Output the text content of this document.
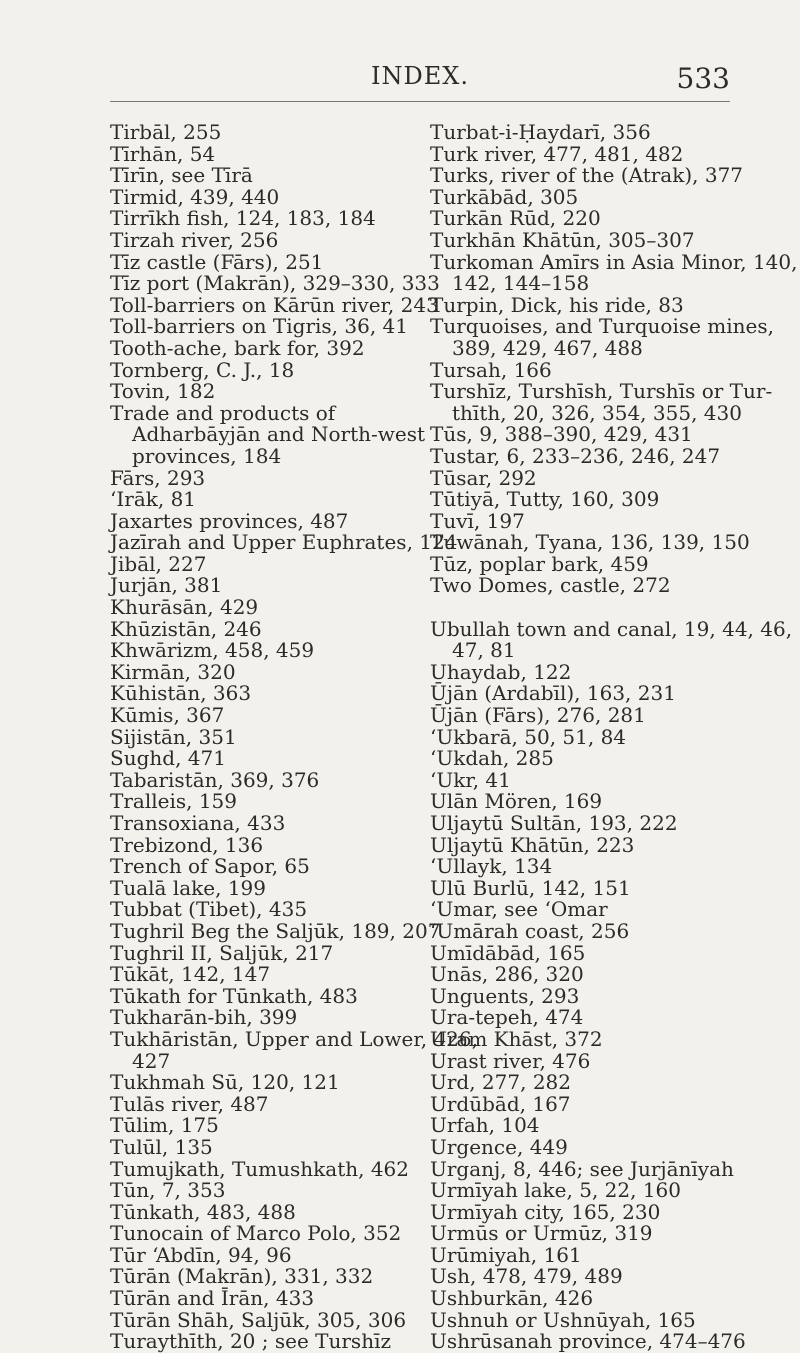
INDEX.	533
Tirbāl, 255
Tīrhān, 54
Tīrīn, see Tīrā
Tirmid, 439, 440
Tirrīkh fish, 124, 183, 184
Tirzah river, 256
Tīz castle (Fārs), 251
Tīz port (Makrān), 329–330, 333
Toll-barriers on Kārūn river, 243
Toll-barriers on Tigris, 36, 41
Tooth-ache, bark for, 392
Tornberg, C. J., 18
Tovin, 182
Trade and products of
Adharbāyjān and North-west
provinces, 184
Fārs, 293
‘Irāk, 81
Jaxartes provinces, 487
Jazīrah and Upper Euphrates, 124
Jibāl, 227
Jurjān, 381
Khurāsān, 429
Khūzistān, 246
Khwārizm, 458, 459
Kirmān, 320
Kūhistān, 363
Kūmis, 367
Sijistān, 351
Sughd, 471
Tabaristān, 369, 376
Tralleis, 159
Transoxiana, 433
Trebizond, 136
Trench of Sapor, 65
Tualā lake, 199
Tubbat (Tibet), 435
Tughril Beg the Saljūk, 189, 207
Tughril II, Saljūk, 217
Tūkāt, 142, 147
Tūkath for Tūnkath, 483
Tukharān-bih, 399
Tukhāristān, Upper and Lower, 426,
427
Tukhmah Sū, 120, 121
Tulās river, 487
Tūlim, 175
Tulūl, 135
Tumujkath, Tumushkath, 462
Tūn, 7, 353
Tūnkath, 483, 488
Tunocain of Marco Polo, 352
Tūr ‘Abdīn, 94, 96
Tūrān (Makrān), 331, 332
Tūrān and Īrān, 433
Tūrān Shāh, Saljūk, 305, 306
Turaythīth, 20 ; see Turshīz
Turbat-i-Ḥaydarī, 356
Turk river, 477, 481, 482
Turks, river of the (Atrak), 377
Turkābād, 305
Turkān Rūd, 220
Turkhān Khātūn, 305–307
Turkoman Amīrs in Asia Minor, 140,
142, 144–158
Turpin, Dick, his ride, 83
Turquoises, and Turquoise mines,
389, 429, 467, 488
Tursah, 166
Turshīz, Turshīsh, Turshīs or Tur-
thīth, 20, 326, 354, 355, 430
Tūs, 9, 388–390, 429, 431
Tustar, 6, 233–236, 246, 247
Tūsar, 292
Tūtiyā, Tutty, 160, 309
Tuvī, 197
Tuwānah, Tyana, 136, 139, 150
Tūz, poplar bark, 459
Two Domes, castle, 272
Ubullah town and canal, 19, 44, 46,
47, 81
Uhaydab, 122
Ūjān (Ardabīl), 163, 231
Ūjān (Fārs), 276, 281
‘Ukbarā, 50, 51, 84
‘Ukdah, 285
‘Ukr, 41
Ulān Mören, 169
Uljaytū Sultān, 193, 222
Uljaytū Khātūn, 223
‘Ullayk, 134
Ulū Burlū, 142, 151
‘Umar, see ‘Omar
‘Umārah coast, 256
Umīdābād, 165
Unās, 286, 320
Unguents, 293
Ura-tepeh, 474
Uram Khāst, 372
Urast river, 476
Urd, 277, 282
Urdūbād, 167
Urfah, 104
Urgence, 449
Urganj, 8, 446; see Jurjānīyah
Urmīyah lake, 5, 22, 160
Urmīyah city, 165, 230
Urmūs or Urmūz, 319
Urūmiyah, 161
Ush, 478, 479, 489
Ushburkān, 426
Ushnuh or Ushnūyah, 165
Ushrūsanah province, 474–476
